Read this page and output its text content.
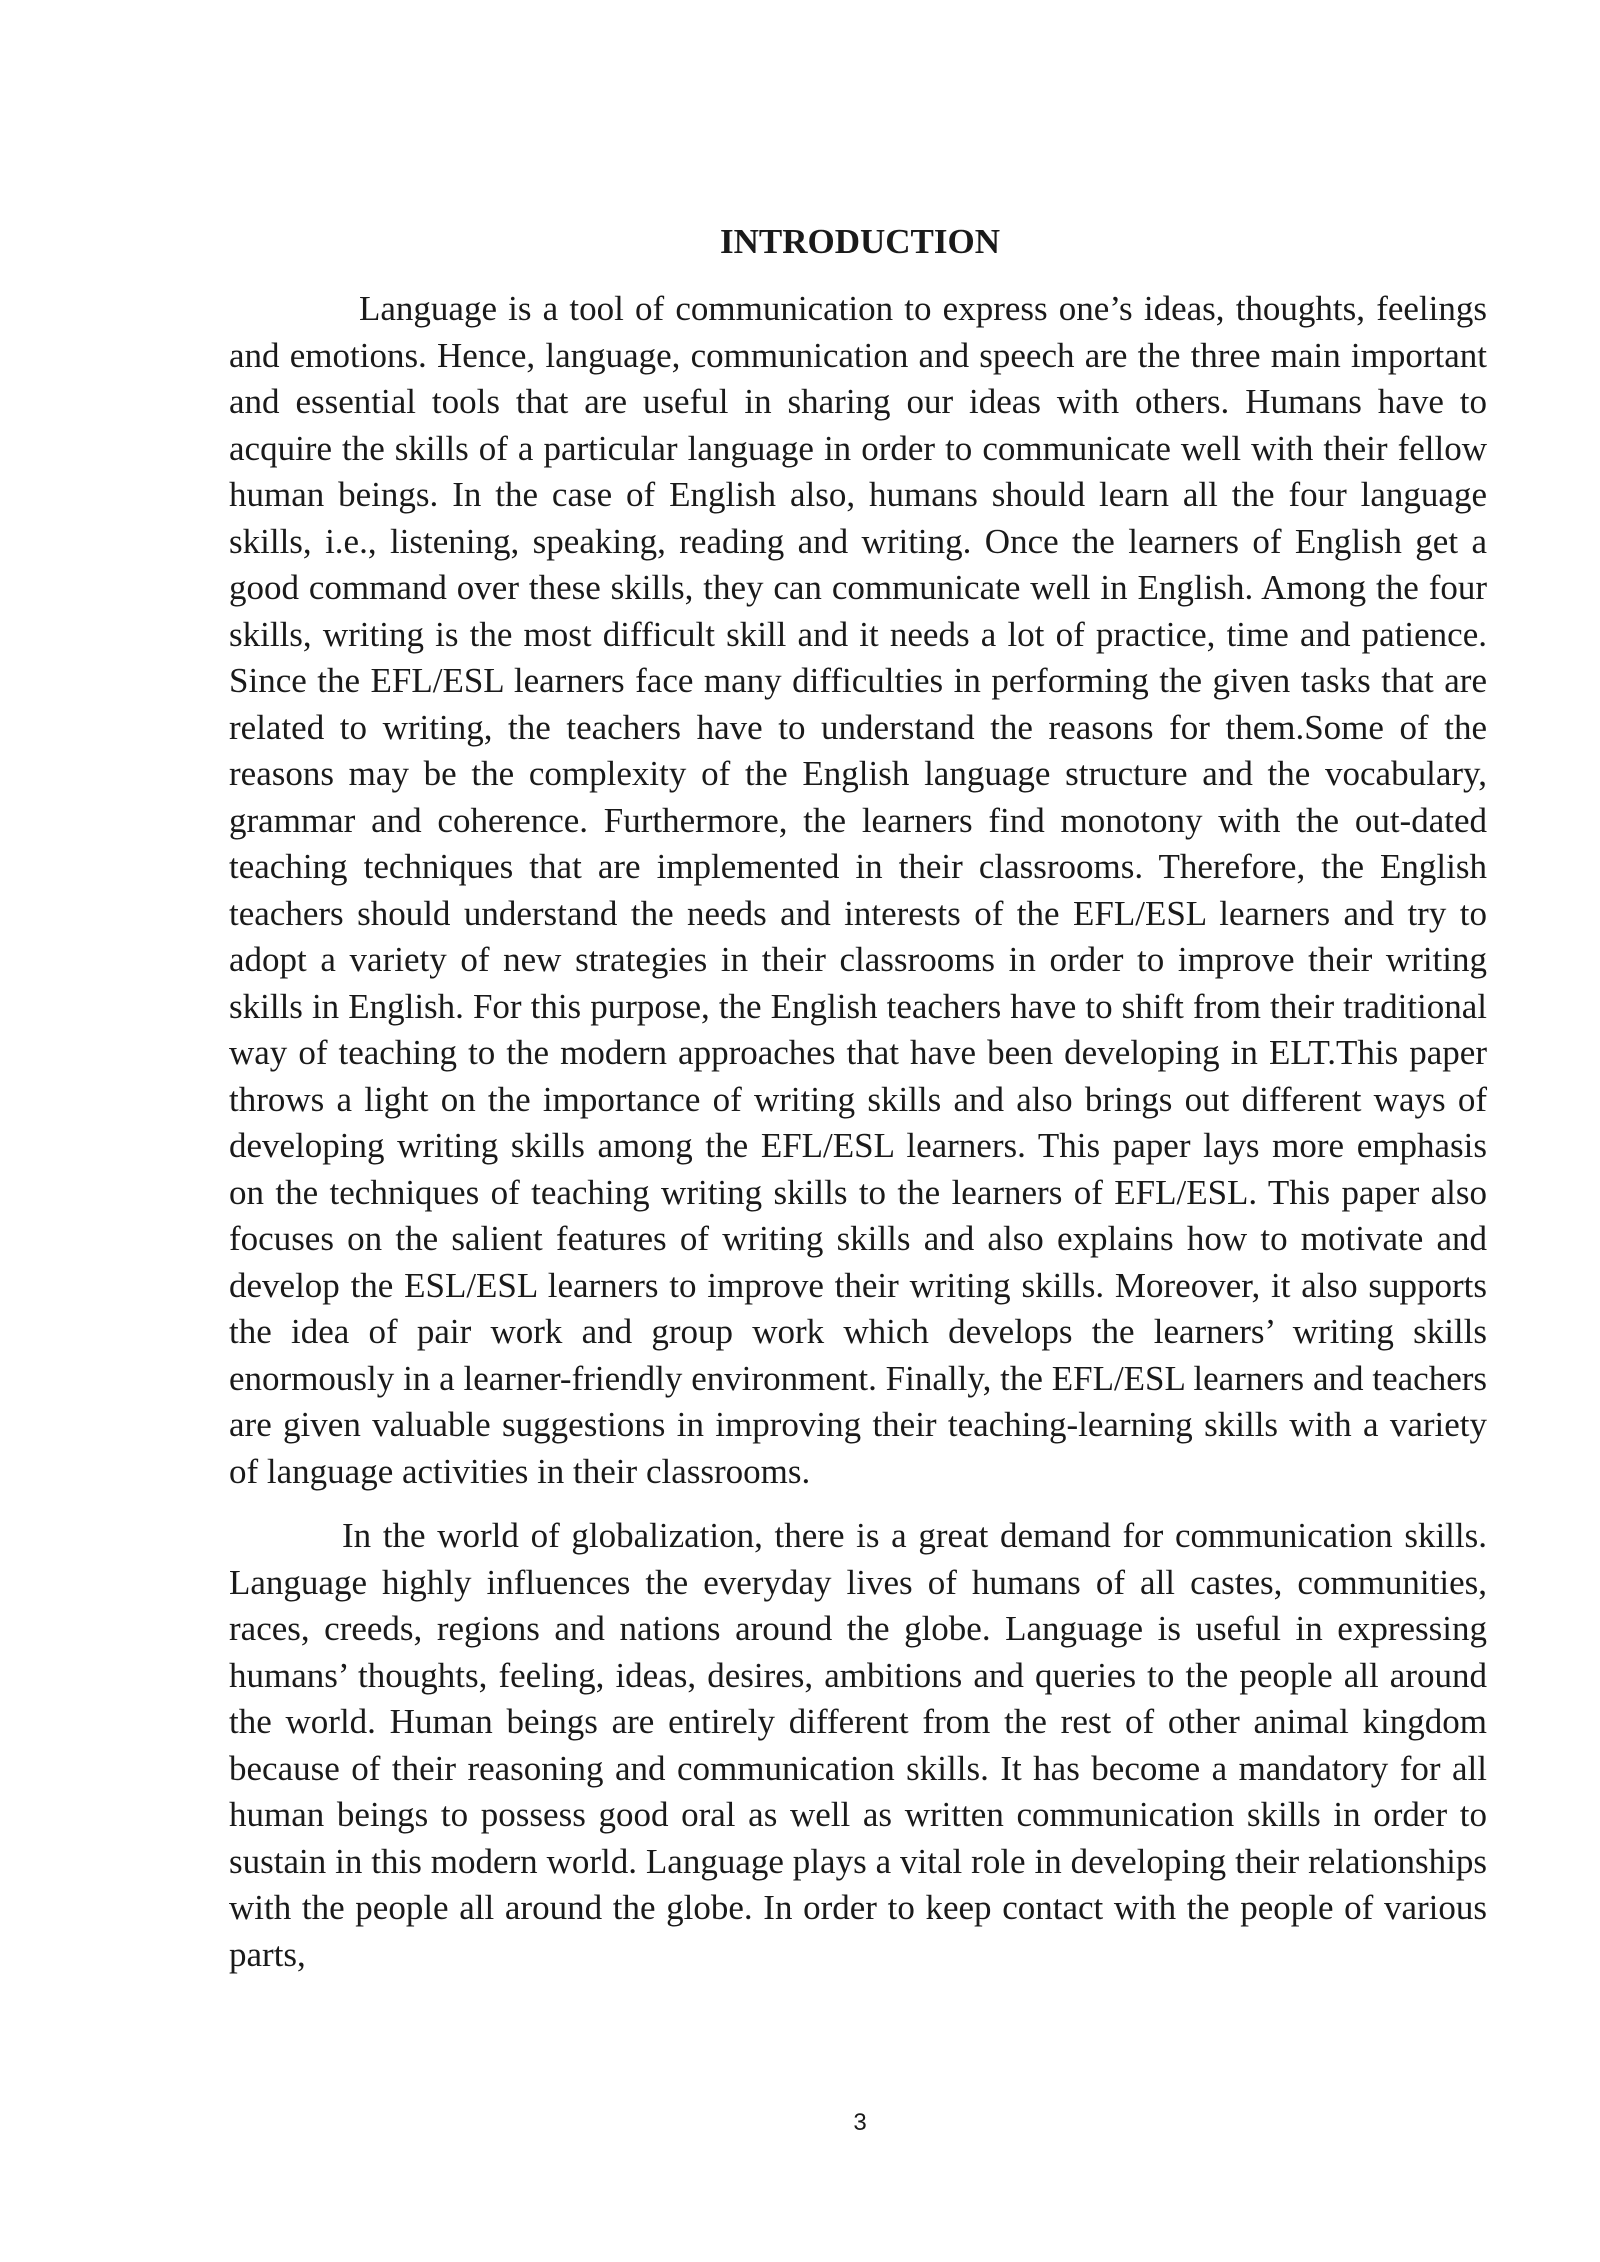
INTRODUCTION

Language is a tool of communication to express one’s ideas, thoughts, feelings and emotions. Hence, language, communication and speech are the three main important and essential tools that are useful in sharing our ideas with others. Humans have to acquire the skills of a particular language in order to communicate well with their fellow human beings. In the case of English also, humans should learn all the four language skills, i.e., listening, speaking, reading and writing. Once the learners of English get a good command over these skills, they can communicate well in English. Among the four skills, writing is the most difficult skill and it needs a lot of practice, time and patience. Since the EFL/ESL learners face many difficulties in performing the given tasks that are related to writing, the teachers have to understand the reasons for them.Some of the reasons may be the complexity of the English language structure and the vocabulary, grammar and coherence. Furthermore, the learners find monotony with the out-dated teaching techniques that are implemented in their classrooms. Therefore, the English teachers should understand the needs and interests of the EFL/ESL learners and try to adopt a variety of new strategies in their classrooms in order to improve their writing skills in English. For this purpose, the English teachers have to shift from their traditional way of teaching to the modern approaches that have been developing in ELT.This paper throws a light on the importance of writing skills and also brings out different ways of developing writing skills among the EFL/ESL learners. This paper lays more emphasis on the techniques of teaching writing skills to the learners of EFL/ESL. This paper also focuses on the salient features of writing skills and also explains how to motivate and develop the ESL/ESL learners to improve their writing skills. Moreover, it also supports the idea of pair work and group work which develops the learners’ writing skills enormously in a learner-friendly environment. Finally, the EFL/ESL learners and teachers are given valuable suggestions in improving their teaching-learning skills with a variety of language activities in their classrooms.

In the world of globalization, there is a great demand for communication skills. Language highly influences the everyday lives of humans of all castes, communities, races, creeds, regions and nations around the globe. Language is useful in expressing humans’ thoughts, feeling, ideas, desires, ambitions and queries to the people all around the world. Human beings are entirely different from the rest of other animal kingdom because of their reasoning and communication skills. It has become a mandatory for all human beings to possess good oral as well as written communication skills in order to sustain in this modern world. Language plays a vital role in developing their relationships with the people all around the globe. In order to keep contact with the people of various parts,

3
